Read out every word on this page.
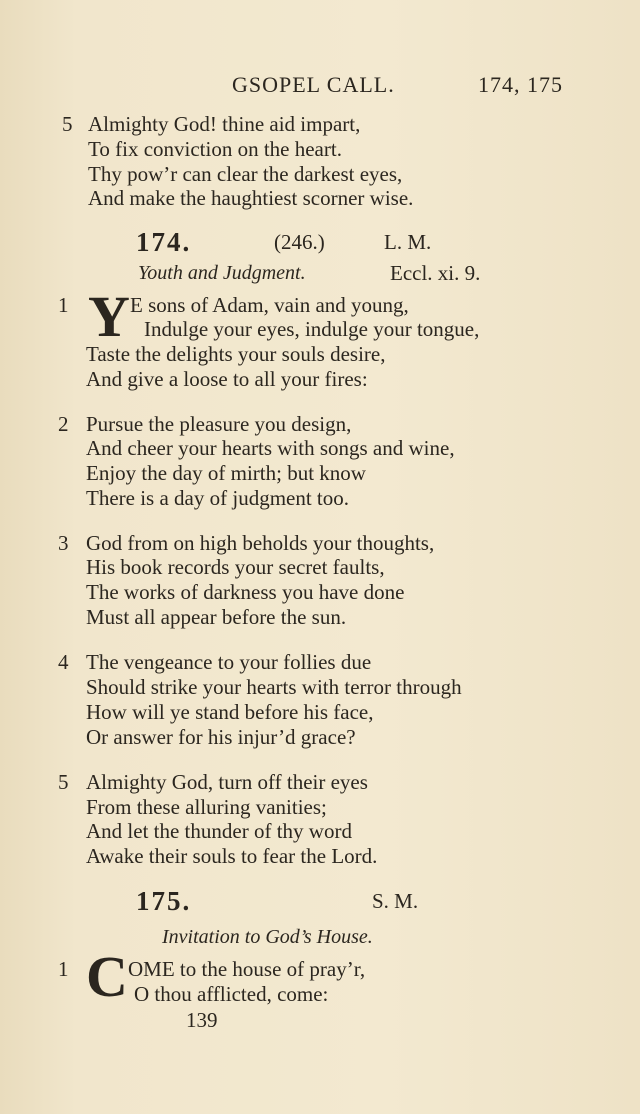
GSOPEL CALL.	174, 175
5 Almighty God! thine aid impart,
To fix conviction on the heart.
Thy pow’r can clear the darkest eyes,
And make the haughtiest scorner wise.
174.	(246.)	L. M.
Youth and Judgment.	Eccl. xi. 9.
1 Y E sons of Adam, vain and young,
Indulge your eyes, indulge your tongue,
Taste the delights your souls desire,
And give a loose to all your fires:
2 Pursue the pleasure you design,
And cheer your hearts with songs and wine,
Enjoy the day of mirth; but know
There is a day of judgment too.
3 God from on high beholds your thoughts,
His book records your secret faults,
The works of darkness you have done
Must all appear before the sun.
4 The vengeance to your follies due
Should strike your hearts with terror through
How will ye stand before his face,
Or answer for his injur’d grace?
5 Almighty God, turn off their eyes
From these alluring vanities;
And let the thunder of thy word
Awake their souls to fear the Lord.
175.	S. M.
Invitation to God’s House.
1 C OME to the house of pray’r,
O thou afflicted, come:
139
